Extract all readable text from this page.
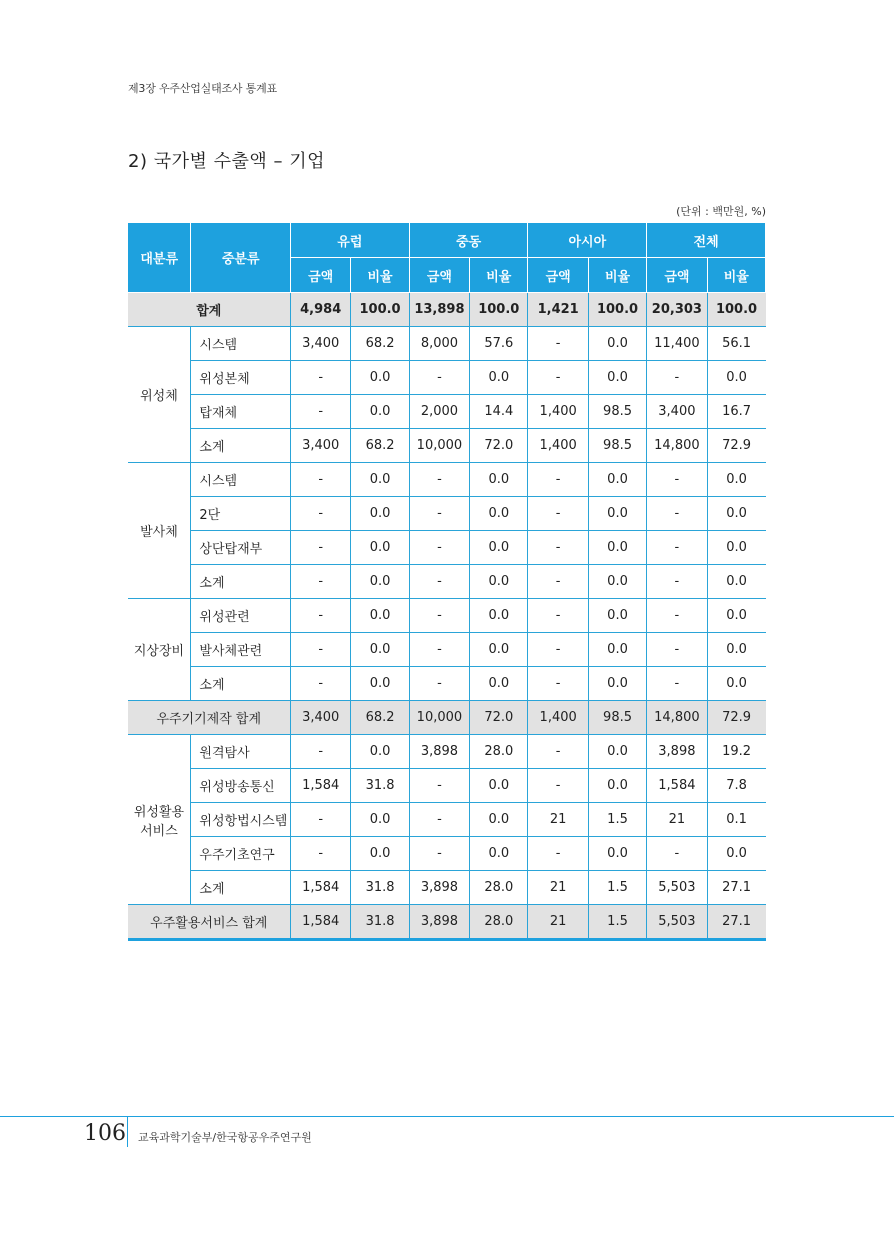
제3장 우주산업실태조사 통계표
2) 국가별 수출액 – 기업
(단위 : 백만원, %)
대분류	중분류	유럽		중동		아시아		전체	
		금액	비율	금액	비율	금액	비율	금액	비율
합계		4,984	100.0	13,898	100.0	1,421	100.0	20,303	100.0
위성체	시스템	3,400	68.2	8,000	57.6	-	0.0	11,400	56.1
	위성본체	-	0.0	-	0.0	-	0.0	-	0.0
	탑재체	-	0.0	2,000	14.4	1,400	98.5	3,400	16.7
	소계	3,400	68.2	10,000	72.0	1,400	98.5	14,800	72.9
발사체	시스템	-	0.0	-	0.0	-	0.0	-	0.0
	2단	-	0.0	-	0.0	-	0.0	-	0.0
	상단탑재부	-	0.0	-	0.0	-	0.0	-	0.0
	소계	-	0.0	-	0.0	-	0.0	-	0.0
지상장비	위성관련	-	0.0	-	0.0	-	0.0	-	0.0
	발사체관련	-	0.0	-	0.0	-	0.0	-	0.0
	소계	-	0.0	-	0.0	-	0.0	-	0.0
우주기기제작 합계		3,400	68.2	10,000	72.0	1,400	98.5	14,800	72.9

위성활용
서비스	원격탐사	-	0.0	3,898	28.0	-	0.0	3,898	19.2
	위성방송통신	1,584	31.8	-	0.0	-	0.0	1,584	7.8
	위성항법시스템	-	0.0	-	0.0	21	1.5	21	0.1
	우주기초연구	-	0.0	-	0.0	-	0.0	-	0.0
	소계	1,584	31.8	3,898	28.0	21	1.5	5,503	27.1
우주활용서비스 합계		1,584	31.8	3,898	28.0	21	1.5	5,503	27.1
106 교육과학기술부/한국항공우주연구원
